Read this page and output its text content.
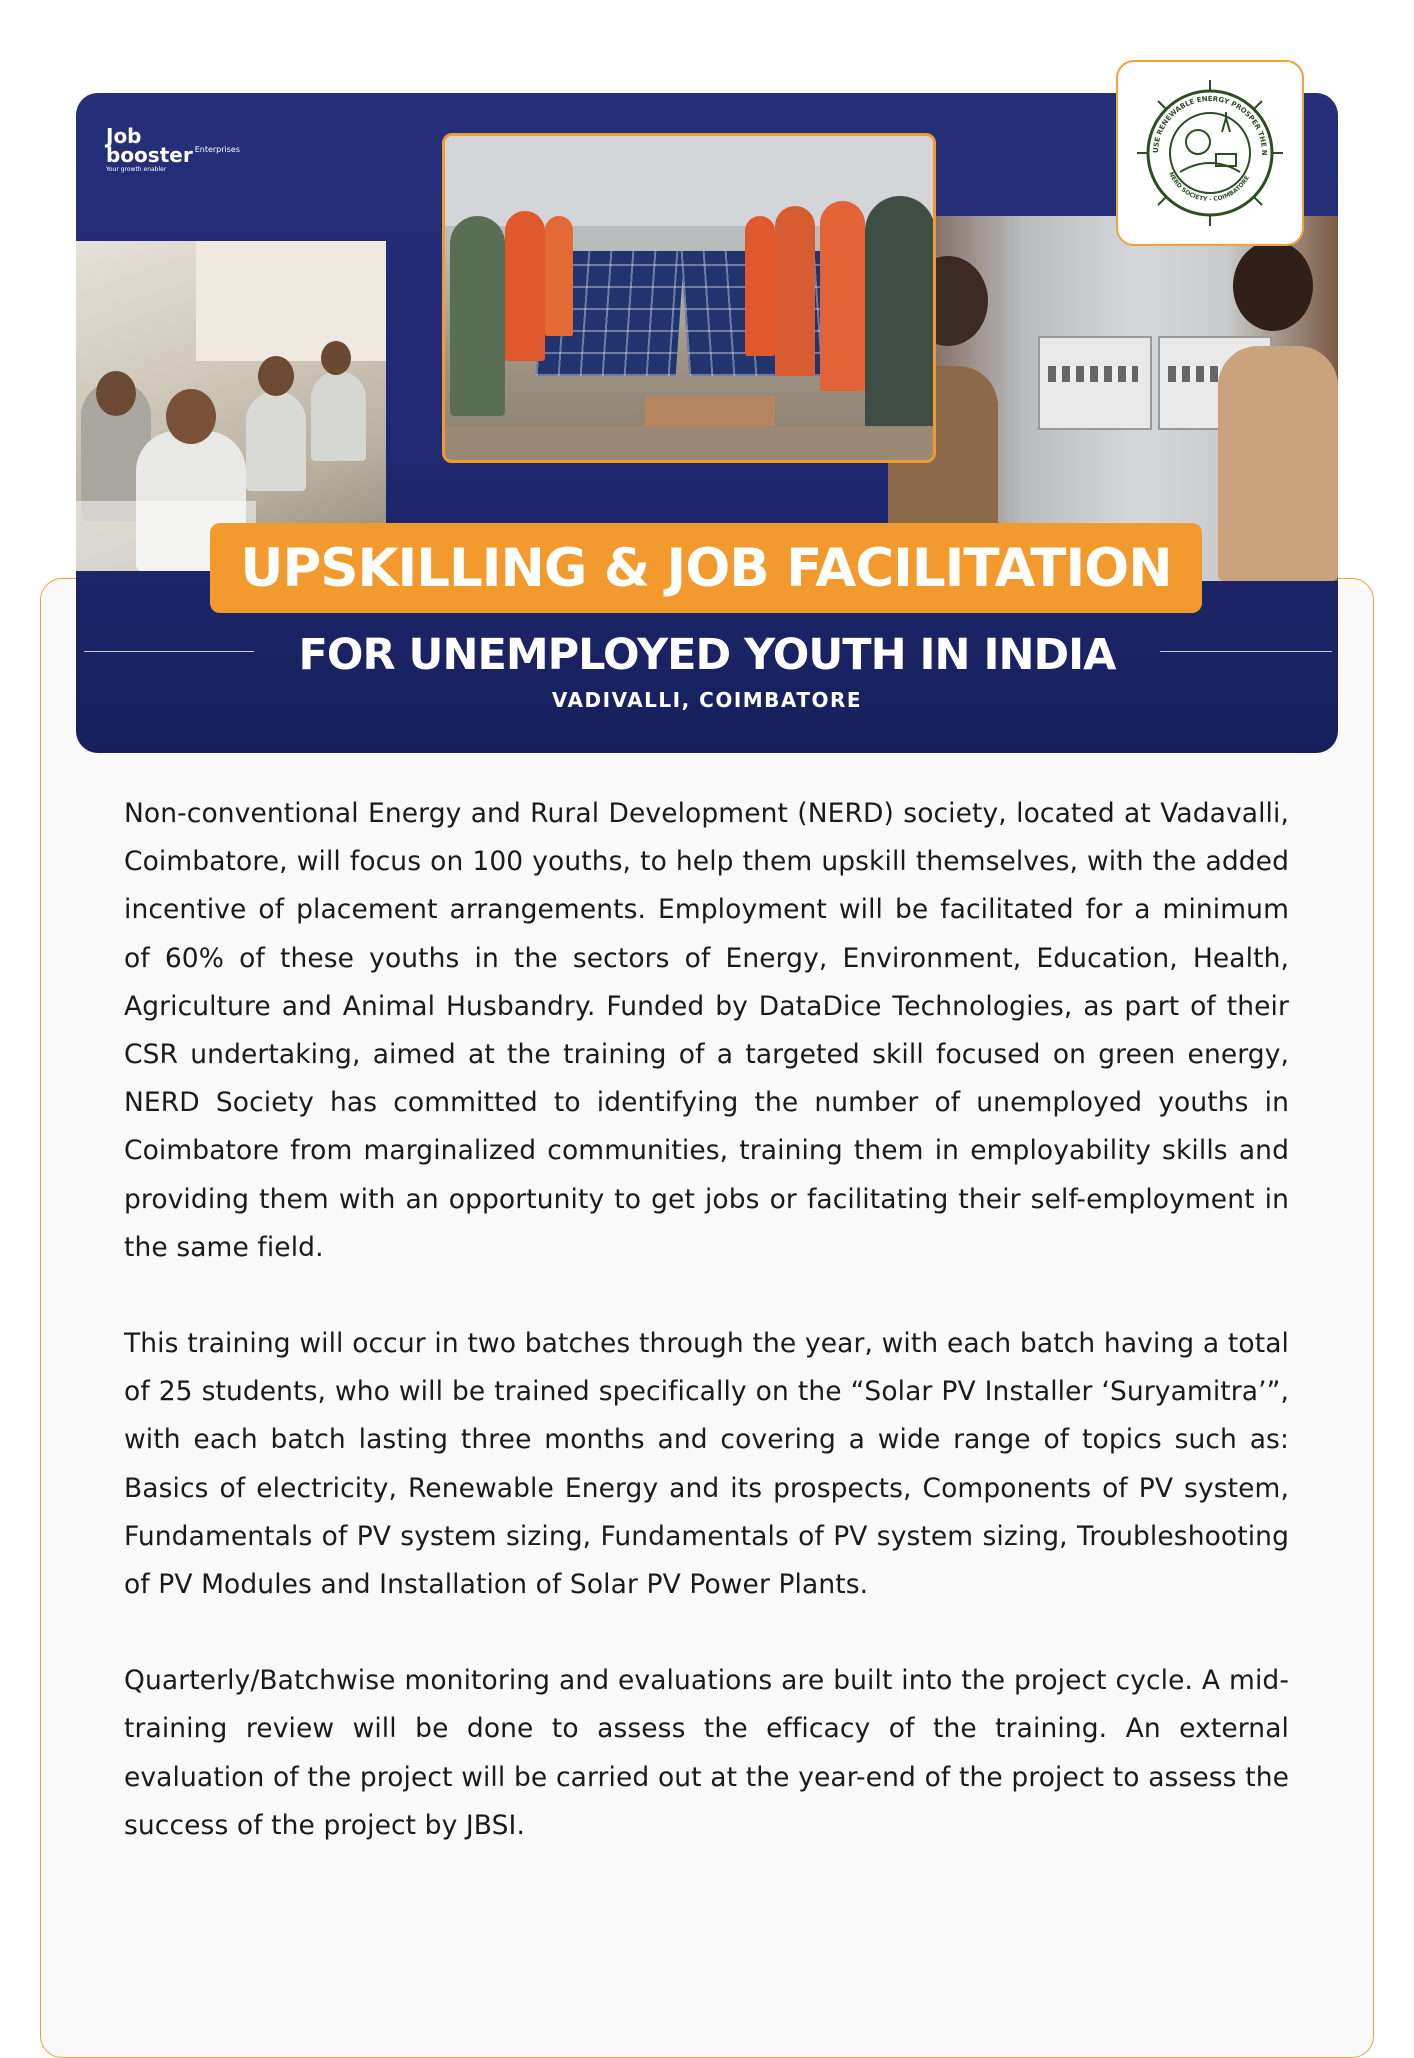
Job
booster Enterprises
Your growth enabler
USE RENEWABLE ENERGY PROSPER THE N
NERD SOCIETY - COIMBATORE
UPSKILLING & JOB FACILITATION
FOR UNEMPLOYED YOUTH IN INDIA
VADIVALLI, COIMBATORE

Non-conventional Energy and Rural Development (NERD) society, located at Vadavalli, Coimbatore, will focus on 100 youths, to help them upskill themselves, with the added incentive of placement arrangements. Employment will be facilitated for a minimum of 60% of these youths in the sectors of Energy, Environment, Education, Health, Agriculture and Animal Husbandry. Funded by DataDice Technologies, as part of their CSR undertaking, aimed at the training of a targeted skill focused on green energy, NERD Society has committed to identifying the number of unemployed youths in Coimbatore from marginalized communities, training them in employability skills and providing them with an opportunity to get jobs or facilitating their self-employment in the same field.

This training will occur in two batches through the year, with each batch having a total of 25 students, who will be trained specifically on the “Solar PV Installer ‘Suryamitra’”, with each batch lasting three months and covering a wide range of topics such as: Basics of electricity, Renewable Energy and its prospects, Components of PV system, Fundamentals of PV system sizing, Fundamentals of PV system sizing, Troubleshooting of PV Modules and Installation of Solar PV Power Plants.

Quarterly/Batchwise monitoring and evaluations are built into the project cycle. A mid-training review will be done to assess the efficacy of the training. An external evaluation of the project will be carried out at the year-end of the project to assess the success of the project by JBSI.
